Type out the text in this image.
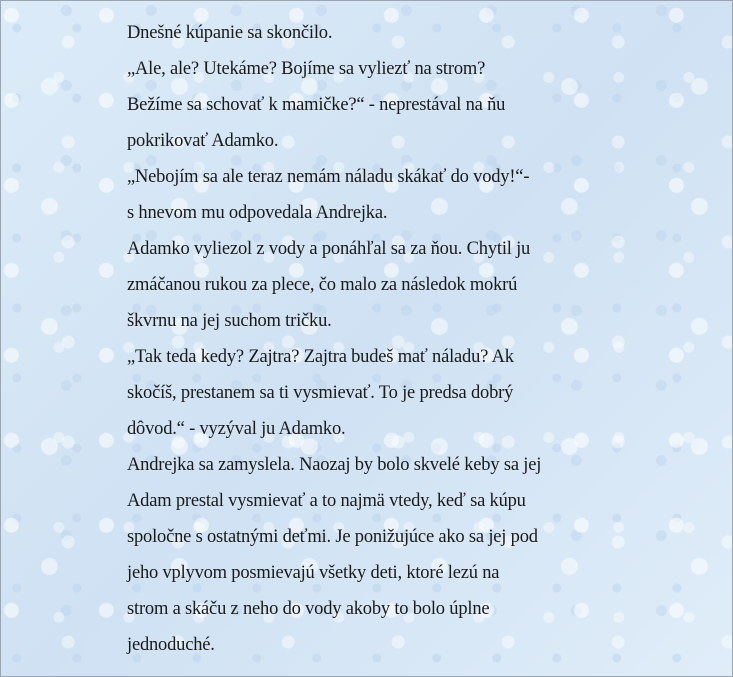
Dnešné kúpanie sa skončilo.
„Ale, ale? Utekáme? Bojíme sa vyliezť na strom?
Bežíme sa schovať k mamičke?“ - neprestával na ňu
pokrikovať Adamko.
„Nebojím sa ale teraz nemám náladu skákať do vody!“-
s hnevom mu odpovedala Andrejka.
Adamko vyliezol z vody a ponáhľal sa za ňou. Chytil ju
zmáčanou rukou za plece, čo malo za následok mokrú
škvrnu na jej suchom tričku.
„Tak teda kedy? Zajtra? Zajtra budeš mať náladu? Ak
skočíš, prestanem sa ti vysmievať. To je predsa dobrý
dôvod.“ - vyzýval ju Adamko.
Andrejka sa zamyslela. Naozaj by bolo skvelé keby sa jej
Adam prestal vysmievať a to najmä vtedy, keď sa kúpu
spoločne s ostatnými deťmi. Je ponižujúce ako sa jej pod
jeho vplyvom posmievajú všetky deti, ktoré lezú na
strom a skáču z neho do vody akoby to bolo úplne
jednoduché.
